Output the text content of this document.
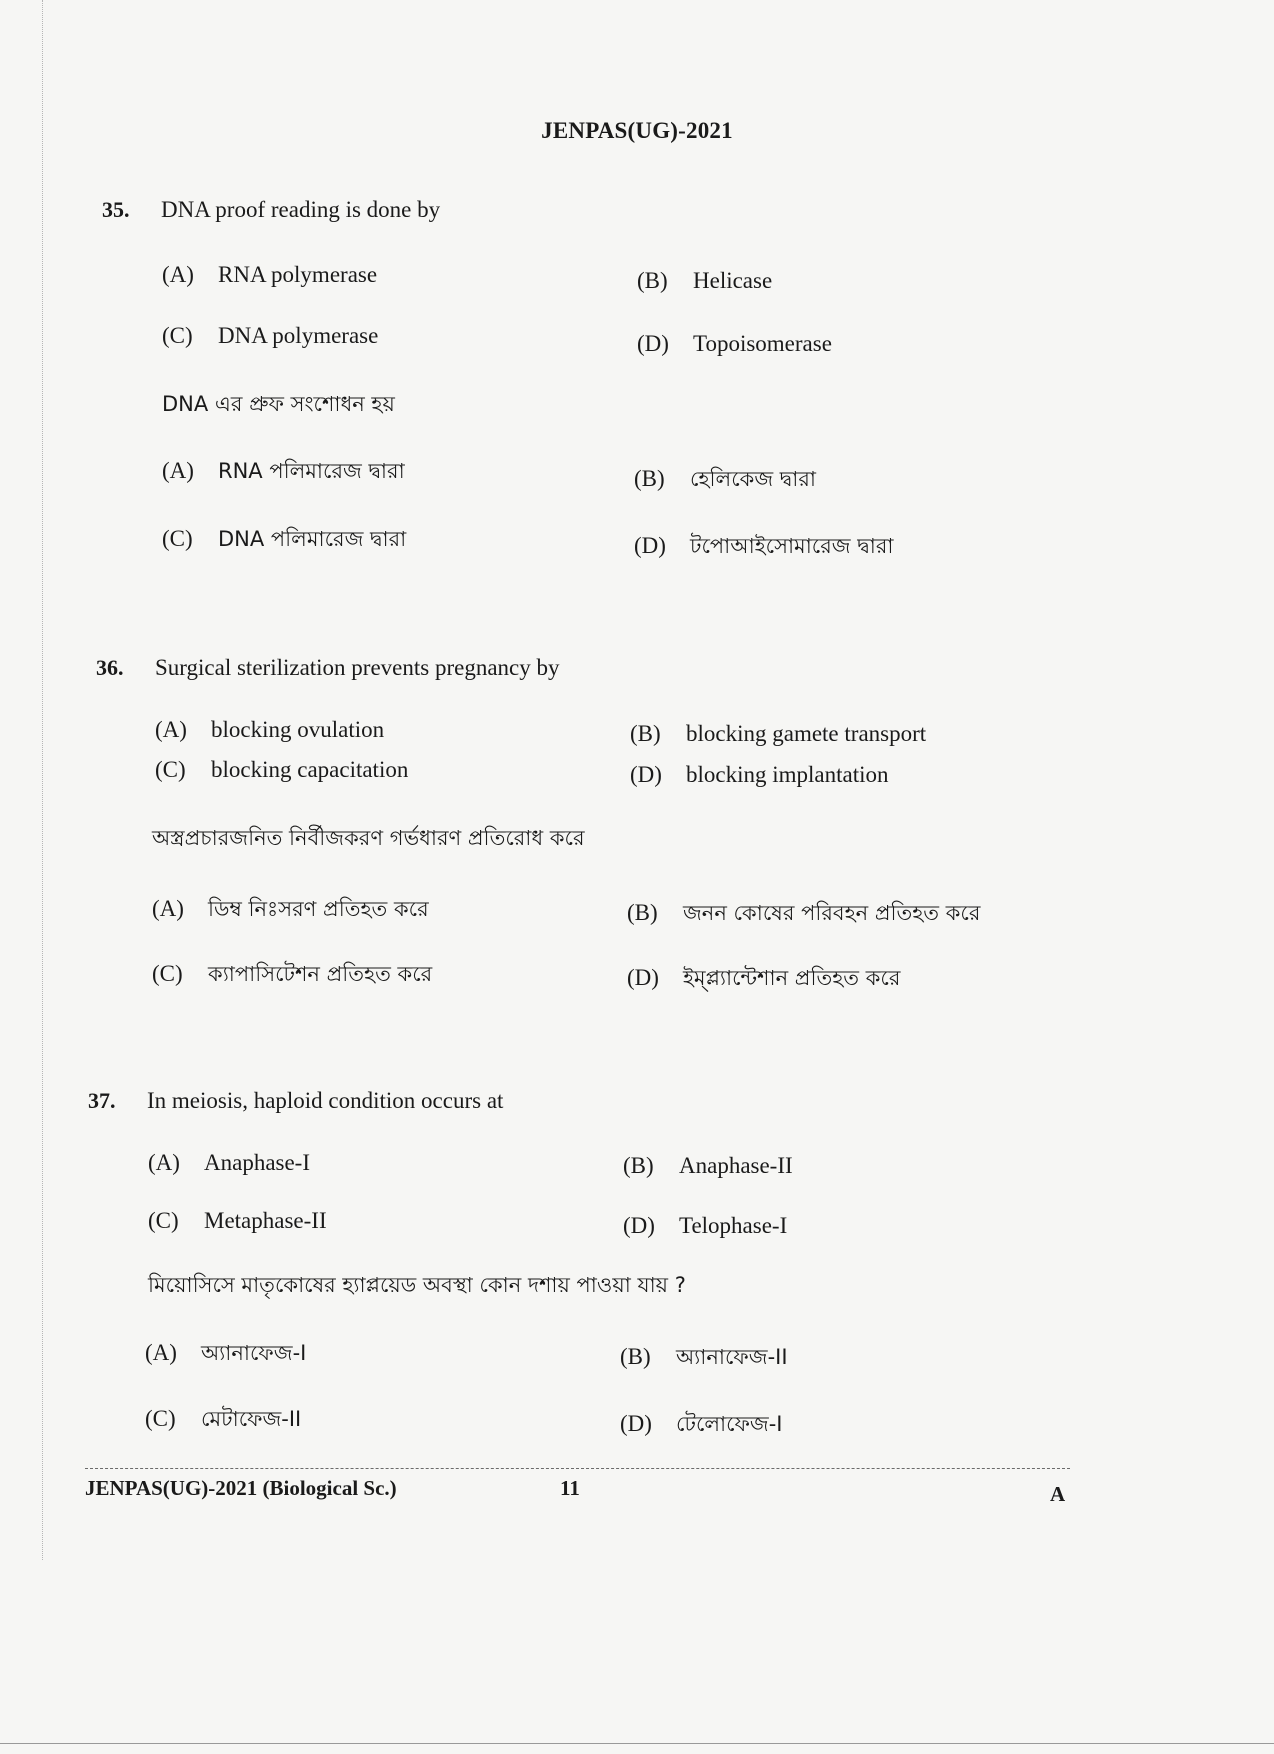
JENPAS(UG)-2021
35. DNA proof reading is done by
(A) RNA polymerase	(B) Helicase
(C) DNA polymerase	(D) Topoisomerase
DNA এর প্রুফ সংশোধন হয়
(A) RNA পলিমারেজ দ্বারা	(B) হেলিকেজ দ্বারা
(C) DNA পলিমারেজ দ্বারা	(D) টপোআইসোমারেজ দ্বারা
36. Surgical sterilization prevents pregnancy by
(A) blocking ovulation	(B) blocking gamete transport
(C) blocking capacitation	(D) blocking implantation
অস্ত্রপ্রচারজনিত নির্বীজকরণ গর্ভধারণ প্রতিরোধ করে
(A) ডিম্ব নিঃসরণ প্রতিহত করে	(B) জনন কোষের পরিবহন প্রতিহত করে
(C) ক্যাপাসিটেশন প্রতিহত করে	(D) ইম্প্ল্যান্টেশান প্রতিহত করে
37. In meiosis, haploid condition occurs at
(A) Anaphase-I	(B) Anaphase-II
(C) Metaphase-II	(D) Telophase-I
মিয়োসিসে মাতৃকোষের হ্যাপ্লয়েড অবস্থা কোন দশায় পাওয়া যায় ?
(A) অ্যানাফেজ-I	(B) অ্যানাফেজ-II
(C) মেটাফেজ-II	(D) টেলোফেজ-I
JENPAS(UG)-2021 (Biological Sc.)	11	A
